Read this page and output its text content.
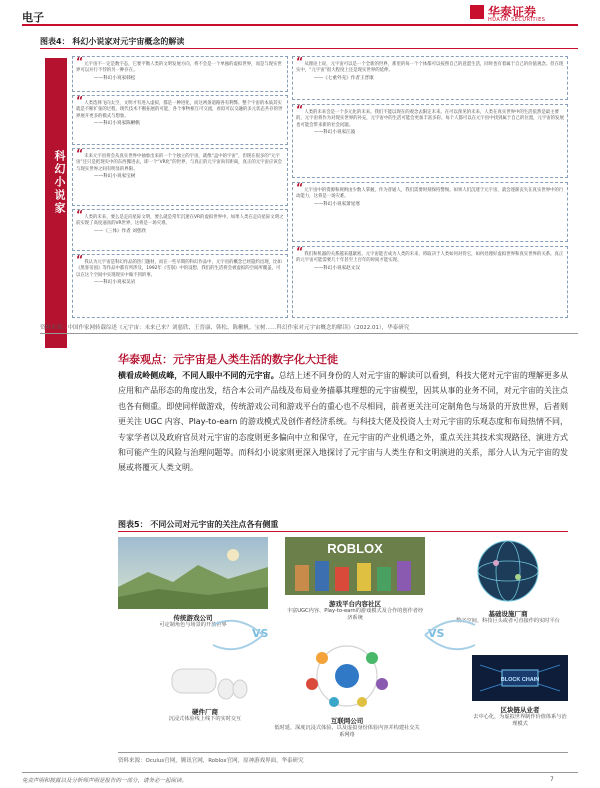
电子	华泰证券
HUATAI SECURITIES
图表4： 科幻小说家对元宇宙概念的解读
科幻小说家
“元宇宙不一定是数字态，它要平衡人类的文明发展方向，将不会是一个单独的虚拟世界，而是与现实世界可以并行不悖的另一种存在。
——科幻小说家韩松
“人类选择飞向太空，文明才有进入虚拟，都是一种进化，而这两条道路各有利弊。整个宇宙的本质其实就是不断扩张的过程，现代技术不断拓展的可能，各个事物相互可交流，看似可以交融的多元状态共存的世界展开更多的模式与想象。
——科幻小说家陈楸帆
“未来元宇宙将会从真实世界中抽象出来的一个个独立的宇宙，就像“盒中的宇宙”，但现在很多的“元宇宙”还只是把现实中的东西搬进去，即一个“VR化”的世界，与真正的元宇宙尚有距离，真正的元宇宙应该会与现实世界之间有明显的界限。
——科幻小说家宝树
“人类的未来，要么是走向星际文明，要么就是常年沉迷在VR的虚拟世界中。如果人类在走向星际文明之前实现了高度逼真的VR世界，这将是一场灾难。
——《三体》作者 刘慈欣
“我认为元宇宙是科幻作品的热门题材，而在一些早期的科幻作品中，元宇宙的概念已经隐约出现，比如《黑客帝国》等作品中都有所涉及，1992年《雪崩》中的设想，我们的生活将会被虚拟的空间所覆盖，可以在这个空间中实现现实中做不到的事。
——科幻小说家吴岩
“从理论上说，元宇宙可以是一个全新的世界，那里的每一个个体都可以按照自己的意愿生活，同时也有着属于自己的价值观念。但在现实中，“元宇宙”很大程度上还是现实世界的延伸。
——《七重外壳》作者王晋康
“人类的未来会是一个多元化的未来。我们不能以现在的观念去限定未来。在可以预见的未来，人类在真实世界中的生活依然是最主要的，元宇宙将作为对现实世界的补充，元宇宙中的生活可能会更加丰富多彩。每个人都可以在元宇宙中找到属于自己的位置，元宇宙的发展也可能会带来新的社会问题。
——科幻小说家江波
“元宇宙中的资源和规则由少数人掌握，作为普通人，我们需要时刻保持警惕。如果人们沉迷于元宇宙，就会逐渐丧失在真实世界中的行动能力，这将是一场灾难。
——科幻小说家萧星寒
“我们和机器的关系越来越紧密。元宇宙能否成为人类的未来，将取决于人类如何对待它，如何处理好虚拟世界和真实世界的关系。真正的元宇宙可能需要几十年甚至上百年的时间才能实现。
——科幻小说家赵文汉
资料来源：中国作家网转载综述《元宇宙：未来已来？刘慈欣、王晋康、韩松、陈楸帆、宝树……科幻作家对元宇宙概念的解读》（2022.01），华泰研究
华泰观点：元宇宙是人类生活的数字化大迁徙
横看成岭侧成峰，不同人眼中不同的元宇宙。总结上述不同身份的人对元宇宙的解读可以看到，科技大佬对元宇宙的理解更多从应用和产品形态的角度出发，结合本公司产品线及布局业务描摹其理想的元宇宙模型，因其从事的业务不同，对元宇宙的关注点也各有侧重。即使同样做游戏，传统游戏公司和游戏平台的重心也不尽相同，前者更关注可定制角色与场景的开放世界，后者则更关注 UGC 内容、Play-to-earn 的游戏模式及创作者经济系统。与科技大佬及投资人士对元宇宙的乐观态度和布局热情不同，专家学者以及政府官员对元宇宙的态度则更多偏向中立和保守，在元宇宙的产业机遇之外，重点关注其技术实现路径、演进方式和可能产生的风险与治理问题等。而科幻小说家则更深入地探讨了元宇宙与人类生存和文明演进的关系，部分人认为元宇宙的发展或将覆灭人类文明。
图表5： 不同公司对元宇宙的关注点各有侧重
传统游戏公司
可定制角色与场景的开放世界
ROBLOX
游戏平台内容社区
丰富UGC内容、Play-to-earn的游戏模式及合作的创作者经济系统	基础设施厂商
数字空间、科技巨头或者可直接作的实时平台
VS	VS
硬件厂商
沉浸式体验线上线下的实时交互	互联网公司
低时延、深度沉浸式体验，以及虚拟身份体验内容并构建社交关系网络
BLOCK CHAIN
区块链从业者
去中心化，为虚拟世界制作价值体系与治理模式
资料来源：Oculus官网，腾讯官网，Roblox官网，原神游戏界面，华泰研究
免责声明和披露以及分析师声明是报告的一部分，请务必一起阅读。	7
